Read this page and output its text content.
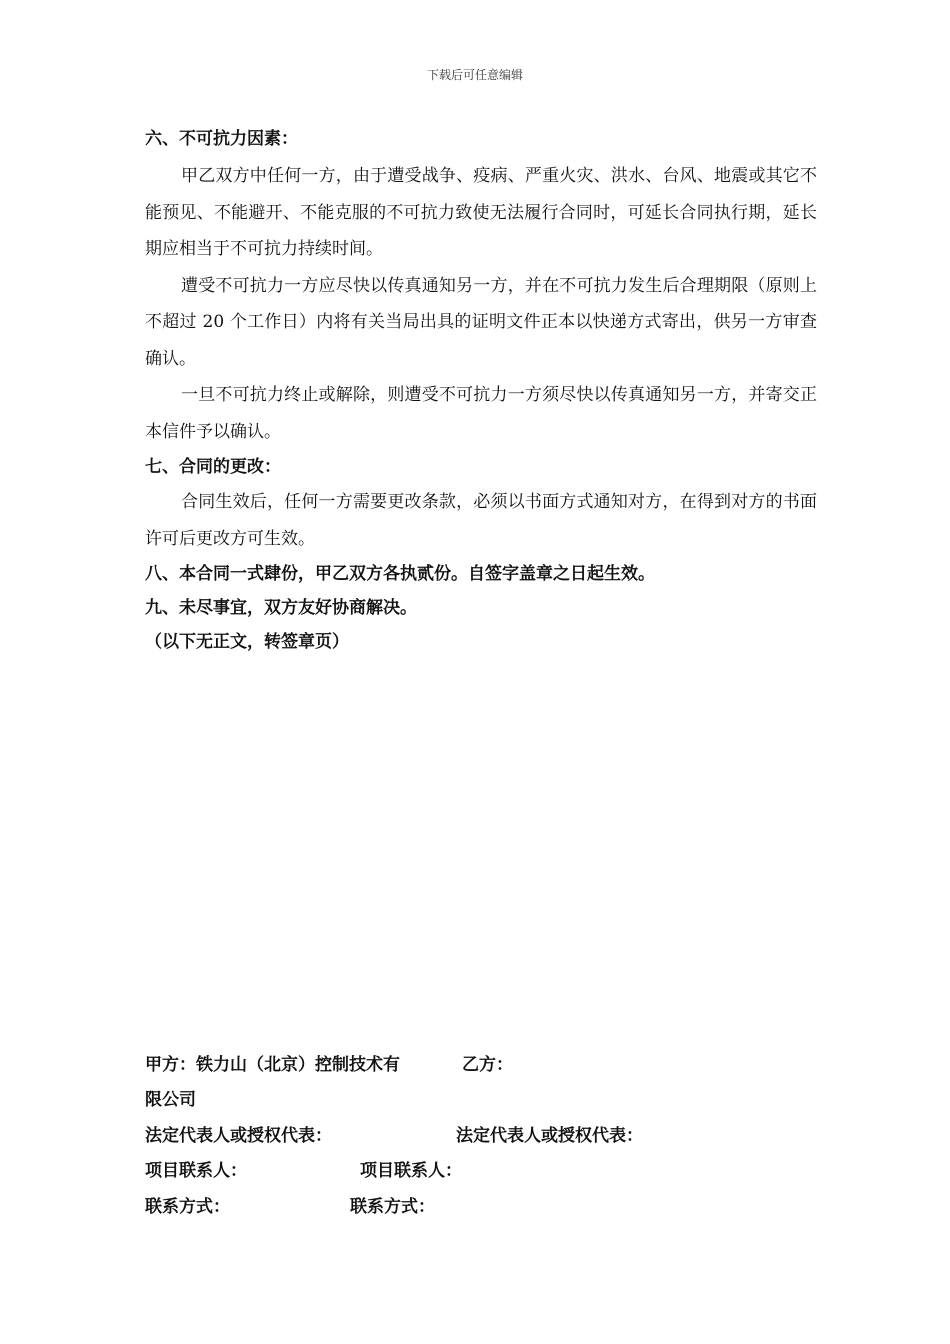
下载后可任意编辑
六、不可抗力因素：

甲乙双方中任何一方，由于遭受战争、疫病、严重火灾、洪水、台风、地震或其它不能预见、不能避开、不能克服的不可抗力致使无法履行合同时，可延长合同执行期，延长期应相当于不可抗力持续时间。

遭受不可抗力一方应尽快以传真通知另一方，并在不可抗力发生后合理期限（原则上不超过 20 个工作日）内将有关当局出具的证明文件正本以快递方式寄出，供另一方审查确认。

一旦不可抗力终止或解除，则遭受不可抗力一方须尽快以传真通知另一方，并寄交正本信件予以确认。

七、合同的更改：

合同生效后，任何一方需要更改条款，必须以书面方式通知对方，在得到对方的书面许可后更改方可生效。

八、本合同一式肆份，甲乙双方各执贰份。自签字盖章之日起生效。
九、未尽事宜，双方友好协商解决。
（以下无正文，转签章页）
甲方：铁力山（北京）控制技术有	乙方：
限公司
法定代表人或授权代表：	法定代表人或授权代表：
项目联系人：	项目联系人：
联系方式：	联系方式：
